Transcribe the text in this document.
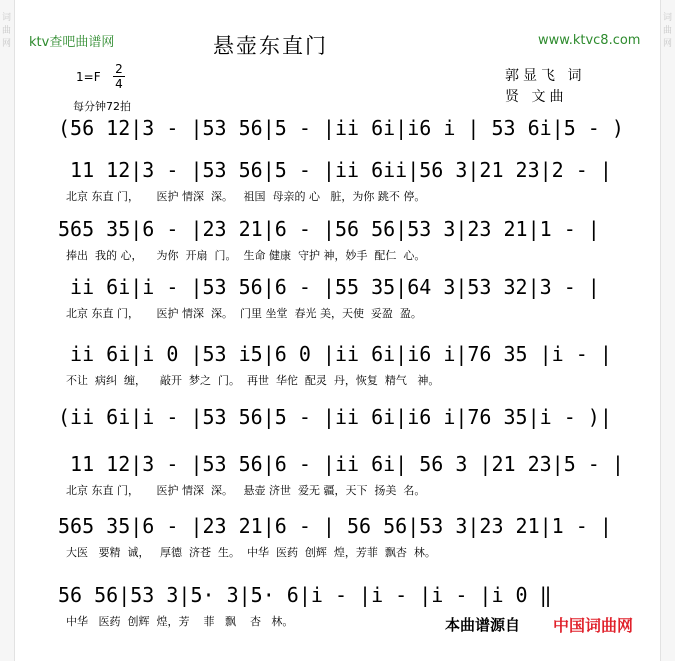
词曲网
词曲网
ktv查吧曲谱网	www.ktvc8.com
悬壶东直门
$1=F \frac{2}{4}$
每分钟72拍
郭显飞 词
贤 文曲
(56 12|3 - |53 56|5 - |ii 6i|i6 i | 53 6i|5 - )
11 12|3 - |53 56|5 - |ii 6ii|56 3|21 23|2 - |
北京 东直 门，     医护 情深  深。   祖国  母亲的 心   脏，为你 跳不 停。
565 35|6 - |23 21|6 - |56 56|53 3|23 21|1 - |
捧出  我的 心，    为你  开扇  门。  生命 健康  守护 神，妙手  配仁  心。
ii 6i|i - |53 56|6 - |55 35|64 3|53 32|3 - |
北京 东直 门，     医护 情深  深。  门里 坐堂  春光 美，天使  妥盈  盈。
ii 6i|i 0 |53 i5|6 0 |ii 6i|i6 i|76 35 |i - |
不让  病纠  缠，    敲开  梦之  门。  再世  华佗  配灵  丹，恢复  精气   神。
(ii 6i|i - |53 56|5 - |ii 6i|i6 i|76 35|i - )|
11 12|3 - |53 56|6 - |ii 6i| 56 3 |21 23|5 - |
北京 东直 门，     医护 情深  深。   悬壶 济世  爱无 疆，天下  扬美  名。
565 35|6 - |23 21|6 - | 56 56|53 3|23 21|1 - |
大医   要精  诚，   厚德  济苍  生。  中华  医药  创辉  煌，芳菲  飘杏  林。
56 56|53 3|5· 3|5· 6|i - |i - |i - |i 0 ‖
中华   医药  创辉  煌，芳    菲   飘    杏   林。	本曲谱源自 中国词曲网
